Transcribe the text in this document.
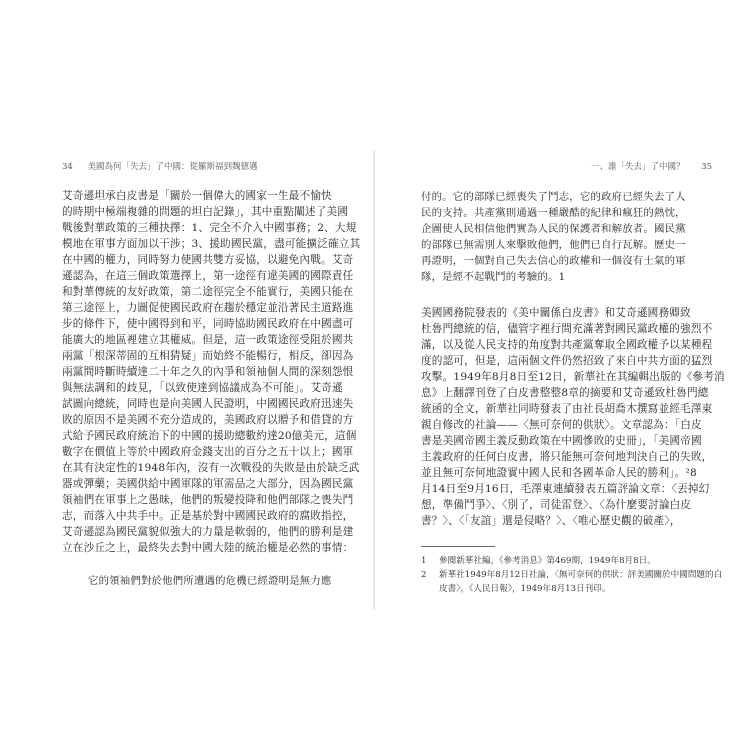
34 美國為何「失去」了中國：從羅斯福到魏德邁

艾奇遜坦承白皮書是「關於一個偉大的國家一生最不愉快
的時期中極端複雜的問題的坦白記錄」，其中重點闡述了美國
戰後對華政策的三種抉擇：1、完全不介入中國事務；2、大規
模地在軍事方面加以干涉；3、援助國民黨，盡可能擴泛確立其
在中國的權力，同時努力使國共雙方妥協，以避免內戰。艾奇
遜認為，在這三個政策選擇上，第一途徑有違美國的國際責任
和對華傳統的友好政策，第二途徑完全不能實行，美國只能在
第三途徑上，力圖促使國民政府在趨於穩定並沿著民主道路進
步的條件下，使中國得到和平，同時協助國民政府在中國盡可
能廣大的地區裡建立其權威。但是，這一政策途徑受阻於國共
兩黨「根深蒂固的互相猜疑」而始終不能暢行，相反，卻因為
兩黨間時斷時續達二十年之久的內爭和領袖個人間的深刻怨恨
與無法調和的歧見，「以致使達到協議成為不可能」。艾奇遜
試圖向總統，同時也是向美國人民證明，中國國民政府迅速失
敗的原因不是美國不充分造成的，美國政府以贈予和借貸的方
式給予國民政府統治下的中國的援助總數約達20億美元，這個
數字在價值上等於中國政府金錢支出的百分之五十以上；國軍
在其有決定性的1948年內，沒有一次戰役的失敗是由於缺乏武
器或彈藥；美國供給中國軍隊的軍需品之大部分，因為國民黨
領袖們在軍事上之愚昧，他們的叛變投降和他們部隊之喪失鬥
志，而落入中共手中。正是基於對中國國民政府的腐敗指控，
艾奇遜認為國民黨貌似強大的力量是軟弱的，他們的勝利是建
立在沙丘之上，最終失去對中國大陸的統治權是必然的事情：

它的領袖們對於他們所遭遇的危機已經證明是無力應

一、誰「失去」了中國？ 35

付的。它的部隊已經喪失了鬥志，它的政府已經失去了人
民的支持。共產黨則通過一種嚴酷的紀律和瘋狂的熱忱，
企圖使人民相信他們實為人民的保護者和解放者。國民黨
的部隊已無需別人來擊敗他們，他們已自行瓦解。歷史一
再證明，一個對自己失去信心的政權和一個沒有士氣的軍
隊，是經不起戰鬥的考驗的。1

美國國務院發表的《美中關係白皮書》和艾奇遜國務卿致
杜魯門總統的信，儘管字裡行間充滿著對國民黨政權的強烈不
滿，以及從人民支持的角度對共產黨奪取全國政權予以某種程
度的認可，但是，這兩個文件仍然招致了來自中共方面的猛烈
攻擊。1949年8月8日至12日，新華社在其編輯出版的《參考消
息》上翻譯刊登了白皮書整整8章的摘要和艾奇遜致杜魯門總
統函的全文，新華社同時發表了由社長胡喬木撰寫並經毛澤東
親自修改的社論——〈無可奈何的供狀〉。文章認為：「白皮
書是美國帝國主義反動政策在中國慘敗的史冊」，「美國帝國
主義政府的任何白皮書，將只能無可奈何地判決自己的失敗，
並且無可奈何地證實中國人民和各國革命人民的勝利」。²8
月14日至9月16日，毛澤東連續發表五篇評論文章：〈丟掉幻
想，準備鬥爭〉、〈別了，司徒雷登〉、〈為什麼要討論白皮
書？〉、〈「友誼」還是侵略？〉、〈唯心歷史觀的破產〉，

1	參閱新華社編，《參考消息》第469期，1949年8月8日。
2	新華社1949年8月12日社論，〈無可奈何的供狀：評美國關於中國問題的白
皮書〉，《人民日報》，1949年8月13日刊印。
